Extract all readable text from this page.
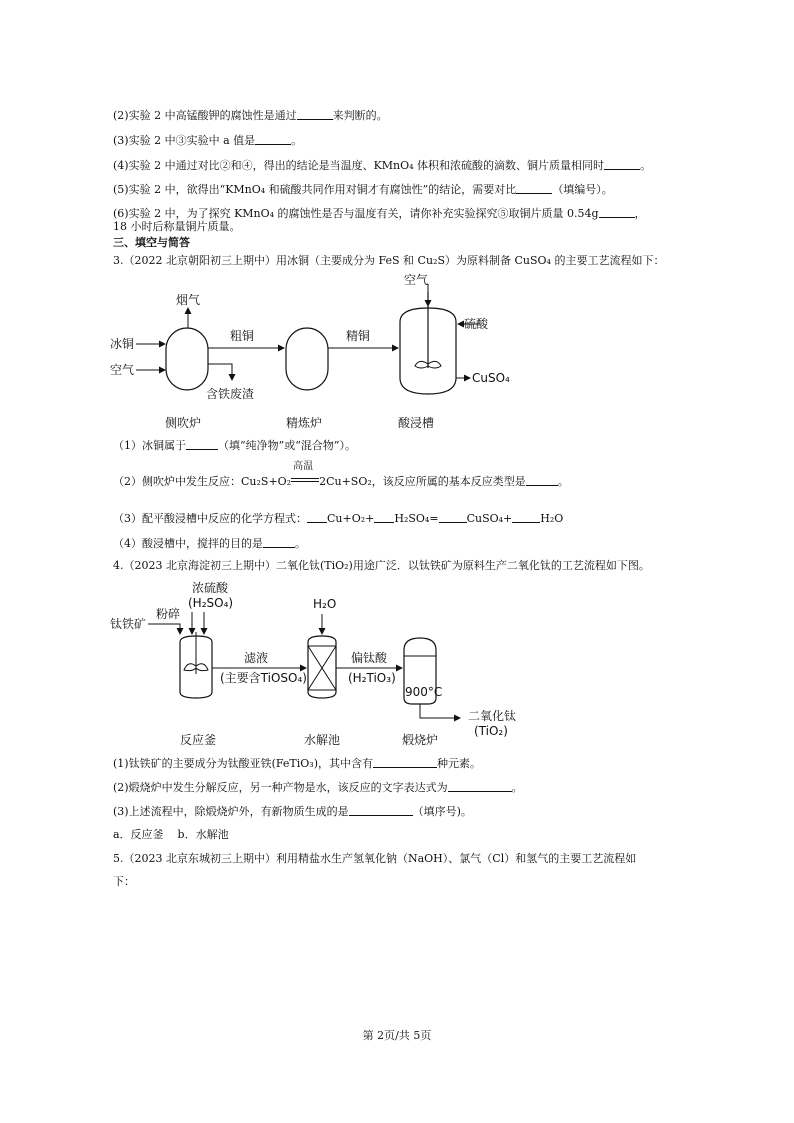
(2)实验 2 中高锰酸钾的腐蚀性是通过	来判断的。
(3)实验 2 中③实验中 a 值是	。
(4)实验 2 中通过对比②和④，得出的结论是当温度、KMnO₄ 体积和浓硫酸的滴数、铜片质量相同时	。
(5)实验 2 中，欲得出“KMnO₄ 和硫酸共同作用对铜才有腐蚀性”的结论，需要对比	（填编号）。
(6)实验 2 中，为了探究 KMnO₄ 的腐蚀性是否与温度有关，请你补充实验探究⑤取铜片质量 0.54g	，
18 小时后称量铜片质量。
三、填空与简答
3.（2022 北京朝阳初三上期中）用冰铜（主要成分为 FeS 和 Cu₂S）为原料制备 CuSO₄ 的主要工艺流程如下：
烟气
冰铜
空气
含铁废渣
粗铜	精铜
空气
硫酸
CuSO₄
侧吹炉	精炼炉	酸浸槽
（1）冰铜属于	（填“纯净物”或“混合物”）。
（2）侧吹炉中发生反应：Cu₂S+O₂
高温
2Cu+SO₂，该反应所属的基本反应类型是	。
（3）配平酸浸槽中反应的化学方程式： Cu+O₂+ H₂SO₄=	CuSO₄+	H₂O
（4）酸浸槽中，搅拌的目的是	。
4.（2023 北京海淀初三上期中）二氧化钛(TiO₂)用途广泛．以钛铁矿为原料生产二氧化钛的工艺流程如下图。
浓硫酸
(H₂SO₄)
粉碎
钛铁矿
H₂O
滤液
(主要含TiOSO₄)
偏钛酸
(H₂TiO₃)
900°C
二氧化钛
(TiO₂)
反应釜	水解池	煅烧炉
(1)钛铁矿的主要成分为钛酸亚铁(FeTiO₃)，其中含有	种元素。
(2)煅烧炉中发生分解反应，另一种产物是水，该反应的文字表达式为	。
(3)上述流程中，除煅烧炉外，有新物质生成的是	（填序号)。
a．反应釜    b．水解池
5.（2023 北京东城初三上期中）利用精盐水生产氢氧化钠（NaOH）、氯气（Cl）和氢气的主要工艺流程如
下：
第 2页/共 5页
